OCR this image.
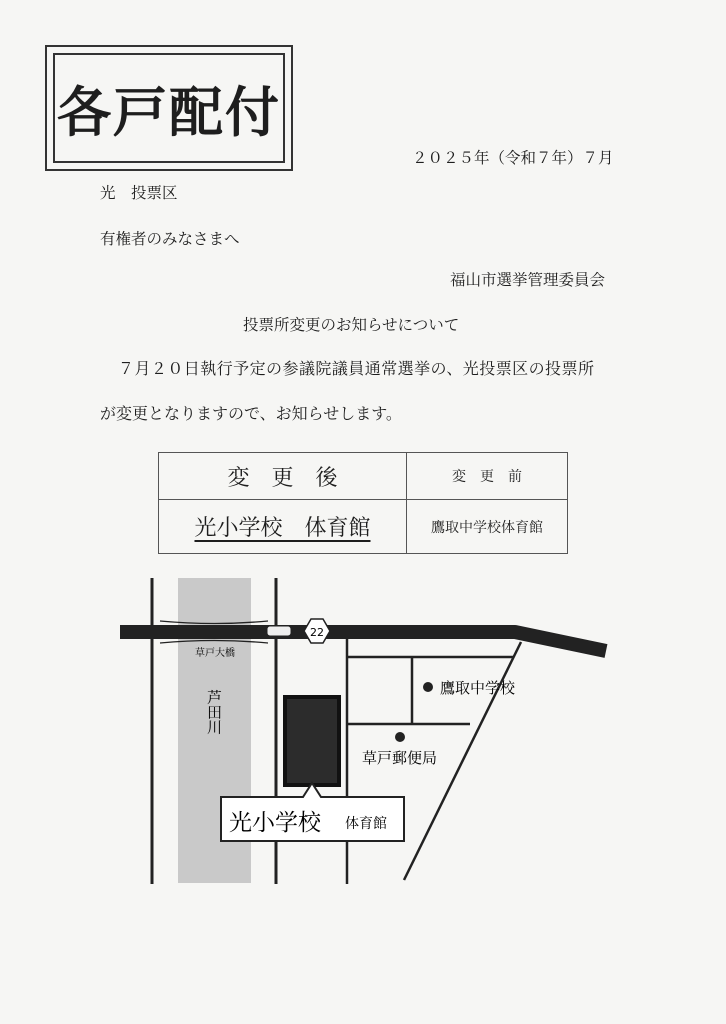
各戸配付
２０２５年（令和７年）７月
光　投票区
有権者のみなさまへ
福山市選挙管理委員会
投票所変更のお知らせについて
７月２０日執行予定の参議院議員通常選挙の、光投票区の投票所
が変更となりますので、お知らせします。
変　更　後	変　更　前
光小学校　体育館	鷹取中学校体育館
22
草戸大橋
芦田川
鷹取中学校
草戸郵便局
光小学校 体育館
